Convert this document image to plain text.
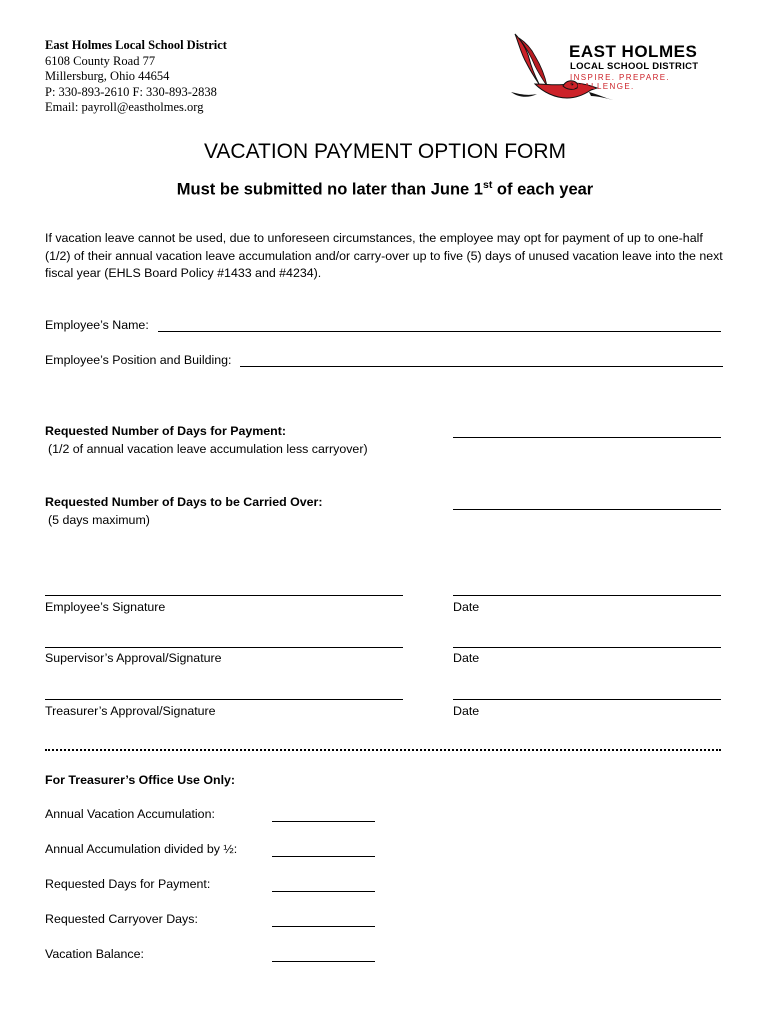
East Holmes Local School District
6108 County Road 77
Millersburg, Ohio 44654
P: 330-893-2610 F: 330-893-2838
Email: payroll@eastholmes.org
EAST HOLMES
LOCAL SCHOOL DISTRICT
INSPIRE. PREPARE. CHALLENGE.
VACATION PAYMENT OPTION FORM
Must be submitted no later than June 1st of each year
If vacation leave cannot be used, due to unforeseen circumstances, the employee may opt for payment of up to one-half (1/2) of their annual vacation leave accumulation and/or carry-over up to five (5) days of unused vacation leave into the next fiscal year (EHLS Board Policy #1433 and #4234).
Employee’s Name:
Employee’s Position and Building:
Requested Number of Days for Payment:
(1/2 of annual vacation leave accumulation less carryover)
Requested Number of Days to be Carried Over:
(5 days maximum)
Employee’s Signature	Date
Supervisor’s Approval/Signature	Date
Treasurer’s Approval/Signature	Date
For Treasurer’s Office Use Only:
Annual Vacation Accumulation:
Annual Accumulation divided by ½:
Requested Days for Payment:
Requested Carryover Days:
Vacation Balance:
